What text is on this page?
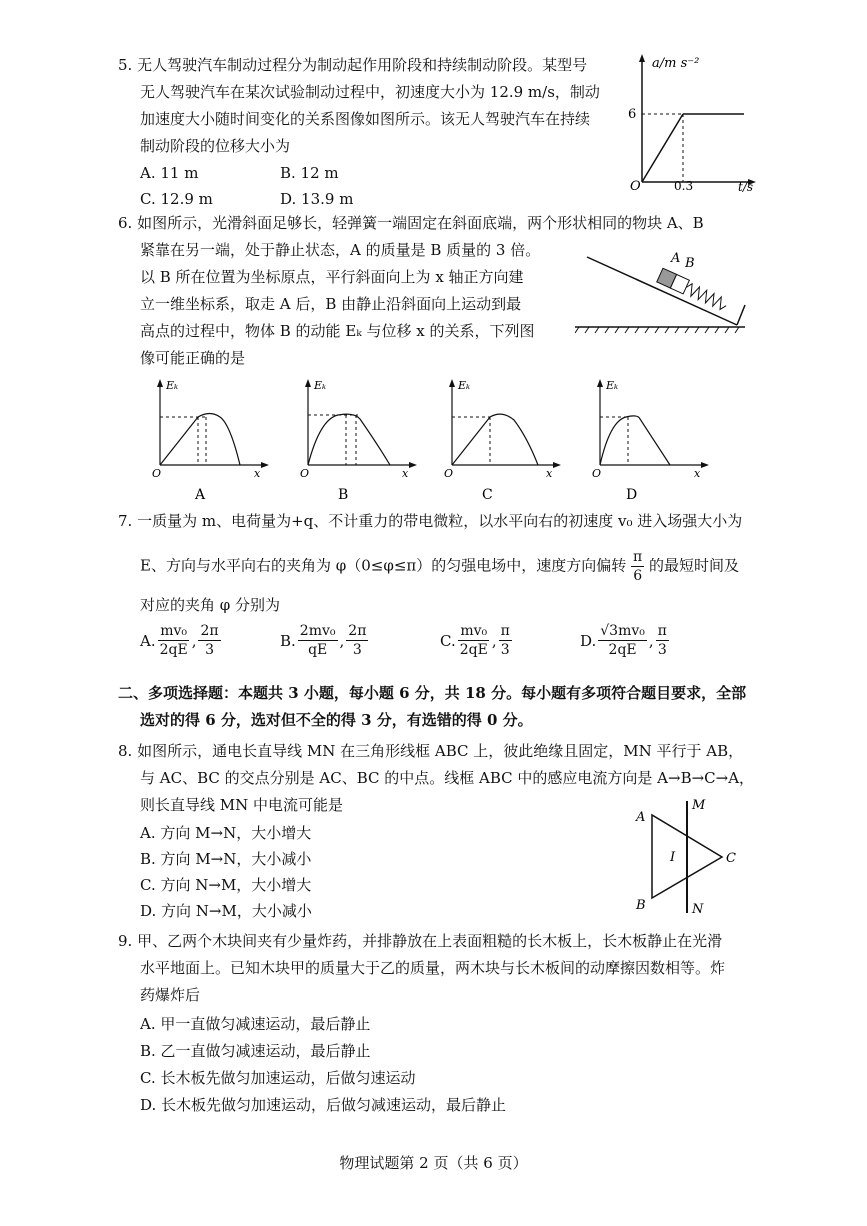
5. 无人驾驶汽车制动过程分为制动起作用阶段和持续制动阶段。某型号
无人驾驶汽车在某次试验制动过程中，初速度大小为 12.9 m/s，制动
加速度大小随时间变化的关系图像如图所示。该无人驾驶汽车在持续
制动阶段的位移大小为
A. 11 m	B. 12 m
C. 12.9 m	D. 13.9 m
a/m s⁻²
6
O	0.3	t/s
6. 如图所示，光滑斜面足够长，轻弹簧一端固定在斜面底端，两个形状相同的物块 A、B
紧靠在另一端，处于静止状态，A 的质量是 B 质量的 3 倍。
以 B 所在位置为坐标原点，平行斜面向上为 x 轴正方向建
立一维坐标系，取走 A 后，B 由静止沿斜面向上运动到最
高点的过程中，物体 B 的动能 Eₖ 与位移 x 的关系，下列图
像可能正确的是
A B
Eₖ
O	x
A
Eₖ
O	x
B
Eₖ
O	x
C
Eₖ
O	x
D
7. 一质量为 m、电荷量为+q、不计重力的带电微粒，以水平向右的初速度 v₀ 进入场强大小为
E、方向与水平向右的夹角为 φ（0≤φ≤π）的匀强电场中，速度方向偏转 $\frac{\pi}{6}$ 的最短时间及
对应的夹角 φ 分别为
A. $\frac{\text{mv₀}}{2qE}$ , $\frac{2\pi}{3}$	B. $\frac{\text{2mv₀}}{qE}$ , $\frac{2\pi}{3}$	C. $\frac{\text{mv₀}}{2qE}$ , $\frac{\pi}{3}$	D. $\frac{\text{√3mv₀}}{2qE}$ , $\frac{\pi}{3}$
二、多项选择题：本题共 3 小题，每小题 6 分，共 18 分。每小题有多项符合题目要求，全部
选对的得 6 分，选对但不全的得 3 分，有选错的得 0 分。
8. 如图所示，通电长直导线 MN 在三角形线框 ABC 上，彼此绝缘且固定，MN 平行于 AB，
与 AC、BC 的交点分别是 AC、BC 的中点。线框 ABC 中的感应电流方向是 A→B→C→A，
则长直导线 MN 中电流可能是
A. 方向 M→N，大小增大
B. 方向 M→N，大小减小
C. 方向 N→M，大小增大
D. 方向 N→M，大小减小
A
B
C
M
N
I
9. 甲、乙两个木块间夹有少量炸药，并排静放在上表面粗糙的长木板上，长木板静止在光滑
水平地面上。已知木块甲的质量大于乙的质量，两木块与长木板间的动摩擦因数相等。炸
药爆炸后
A. 甲一直做匀减速运动，最后静止
B. 乙一直做匀减速运动，最后静止
C. 长木板先做匀加速运动，后做匀速运动
D. 长木板先做匀加速运动，后做匀减速运动，最后静止
物理试题第 2 页（共 6 页）
